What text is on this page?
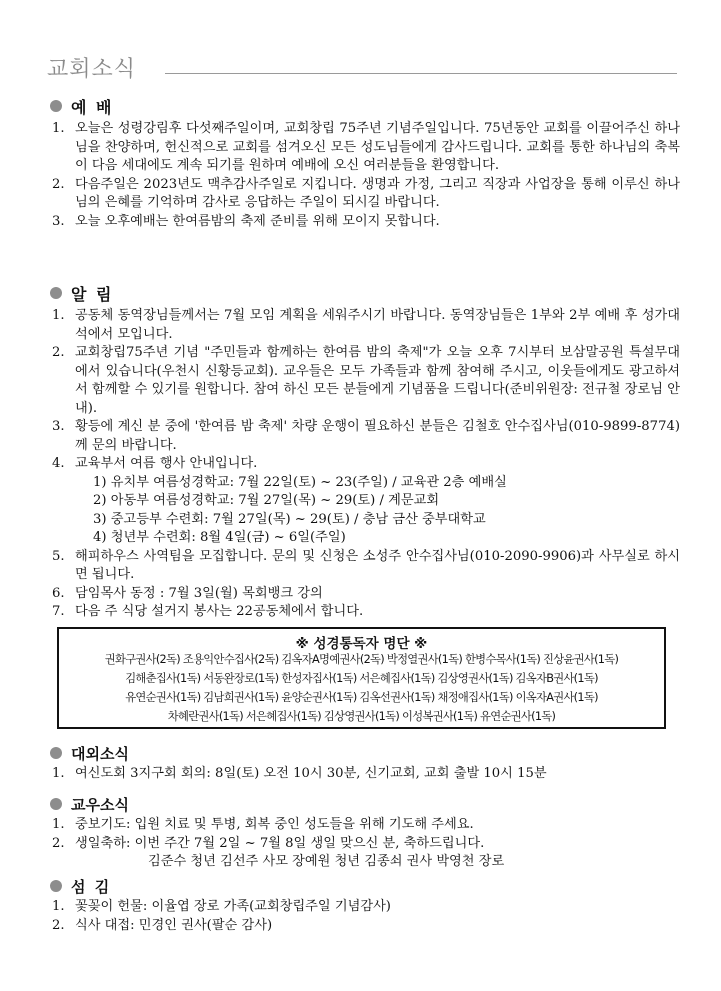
교회소식
예 배
1. 오늘은 성령강림후 다섯째주일이며, 교회창립 75주년 기념주일입니다. 75년동안 교회를 이끌어주신 하나님을 찬양하며, 헌신적으로 교회를 섬겨오신 모든 성도님들에게 감사드립니다. 교회를 통한 하나님의 축복이 다음 세대에도 계속 되기를 원하며 예배에 오신 여러분들을 환영합니다.
2. 다음주일은 2023년도 맥추감사주일로 지킵니다. 생명과 가정, 그리고 직장과 사업장을 통해 이루신 하나님의 은혜를 기억하며 감사로 응답하는 주일이 되시길 바랍니다.
3. 오늘 오후예배는 한여름밤의 축제 준비를 위해 모이지 못합니다.
알 림
1. 공동체 동역장님들께서는 7월 모임 계획을 세워주시기 바랍니다. 동역장님들은 1부와 2부 예배 후 성가대석에서 모입니다.
2. 교회창립75주년 기념 "주민들과 함께하는 한여름 밤의 축제"가 오늘 오후 7시부터 보삼말공원 특설무대에서 있습니다(우천시 신황등교회). 교우들은 모두 가족들과 함께 참여해 주시고, 이웃들에게도 광고하셔서 함께할 수 있기를 원합니다. 참여 하신 모든 분들에게 기념품을 드립니다(준비위원장: 전규철 장로님 안내).
3. 황등에 계신 분 중에 '한여름 밤 축제' 차량 운행이 필요하신 분들은 김철호 안수집사님(010-9899-8774)께 문의 바랍니다.
4. 교육부서 여름 행사 안내입니다.
1) 유치부 여름성경학교: 7월 22일(토) ~ 23(주일) / 교육관 2층 예배실
2) 아동부 여름성경학교: 7월 27일(목) ~ 29(토) / 계문교회
3) 중고등부 수련회: 7월 27일(목) ~ 29(토) / 충남 금산 중부대학교
4) 청년부 수련회: 8월 4일(금) ~ 6일(주일)
5. 해피하우스 사역팀을 모집합니다. 문의 및 신청은 소성주 안수집사님(010-2090-9906)과 사무실로 하시면 됩니다.
6. 담임목사 동정 : 7월 3일(월) 목회뱅크 강의
7. 다음 주 식당 설거지 봉사는 22공동체에서 합니다.
※ 성경통독자 명단 ※
권화구권사(2독) 조용익안수집사(2독) 김옥자A명예권사(2독) 박정열권사(1독) 한병수목사(1독) 진상윤권사(1독)
김해춘집사(1독) 서동완장로(1독) 한성자집사(1독) 서은혜집사(1독) 김상영권사(1독) 김옥자B권사(1독)
유연순권사(1독) 김남희권사(1독) 윤양순권사(1독) 김옥선권사(1독) 채정애집사(1독) 이옥자A권사(1독)
차혜란권사(1독) 서은혜집사(1독) 김상영권사(1독) 이성복권사(1독) 유연순권사(1독)
대외소식
1. 여신도회 3지구회 회의: 8일(토) 오전 10시 30분, 신기교회, 교회 출발 10시 15분
교우소식
1. 중보기도: 입원 치료 및 투병, 회복 중인 성도들을 위해 기도해 주세요.
2. 생일축하: 이번 주간 7월 2일 ~ 7월 8일 생일 맞으신 분, 축하드립니다.
김준수 청년 김선주 사모 장예원 청년 김종쇠 권사 박영천 장로
섬 김
1. 꽃꽂이 헌물: 이율엽 장로 가족(교회창립주일 기념감사)
2. 식사 대접: 민경인 권사(팔순 감사)
